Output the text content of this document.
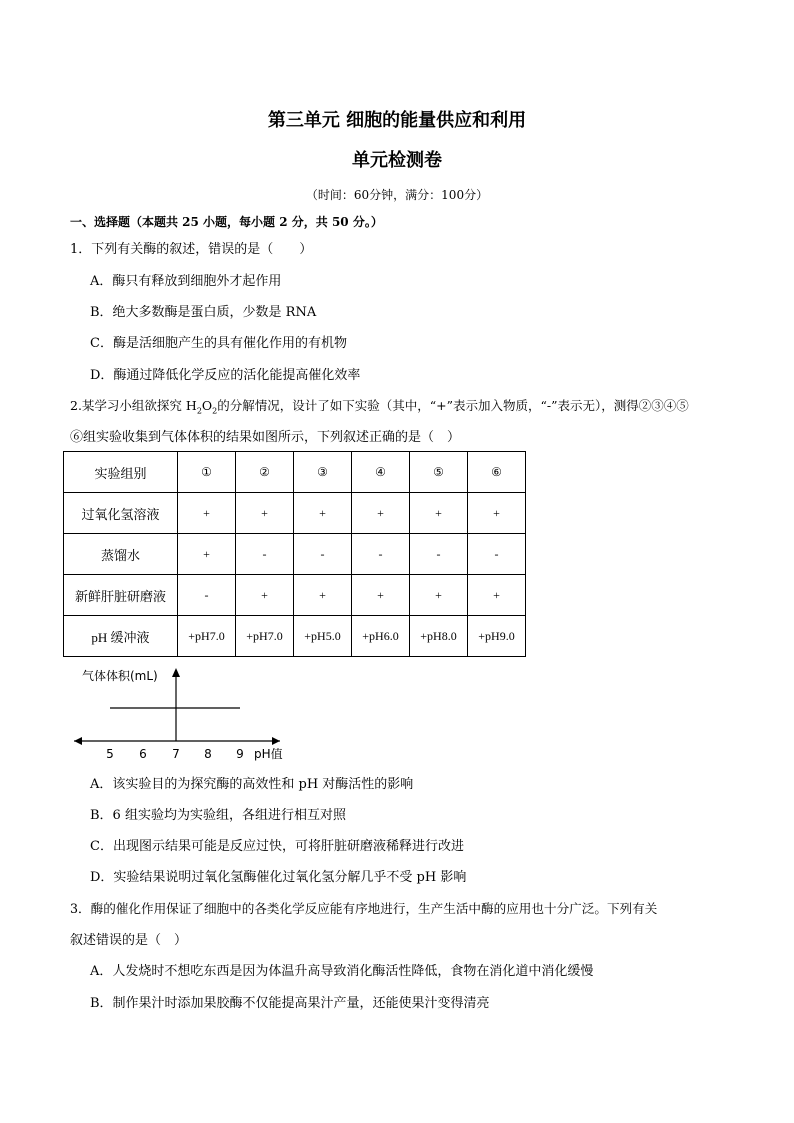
第三单元 细胞的能量供应和利用
单元检测卷
（时间：60分钟，满分：100分）
一、选择题（本题共 25 小题，每小题 2 分，共 50 分。）
1．下列有关酶的叙述，错误的是（　　）
A．酶只有释放到细胞外才起作用
B．绝大多数酶是蛋白质，少数是 RNA
C．酶是活细胞产生的具有催化作用的有机物
D．酶通过降低化学反应的活化能提高催化效率
2.某学习小组欲探究 $H_2O_2$的分解情况，设计了如下实验（其中，“+”表示加入物质，“-”表示无），测得②③④⑤
⑥组实验收集到气体体积的结果如图所示，下列叙述正确的是（　）
实验组别	①	②	③	④	⑤	⑥
过氧化氢溶液	+	+	+	+	+	+
蒸馏水	+	-	-	-	-	-
新鲜肝脏研磨液	-	+	+	+	+	+
pH 缓冲液	+pH7.0	+pH7.0	+pH5.0	+pH6.0	+pH8.0	+pH9.0
气体体积(mL)
5 6 7 8 9 pH值
A．该实验目的为探究酶的高效性和 pH 对酶活性的影响
B．6 组实验均为实验组，各组进行相互对照
C．出现图示结果可能是反应过快，可将肝脏研磨液稀释进行改进
D．实验结果说明过氧化氢酶催化过氧化氢分解几乎不受 pH 影响
3．酶的催化作用保证了细胞中的各类化学反应能有序地进行，生产生活中酶的应用也十分广泛。下列有关
叙述错误的是（　）
A．人发烧时不想吃东西是因为体温升高导致消化酶活性降低，食物在消化道中消化缓慢
B．制作果汁时添加果胶酶不仅能提高果汁产量，还能使果汁变得清亮
